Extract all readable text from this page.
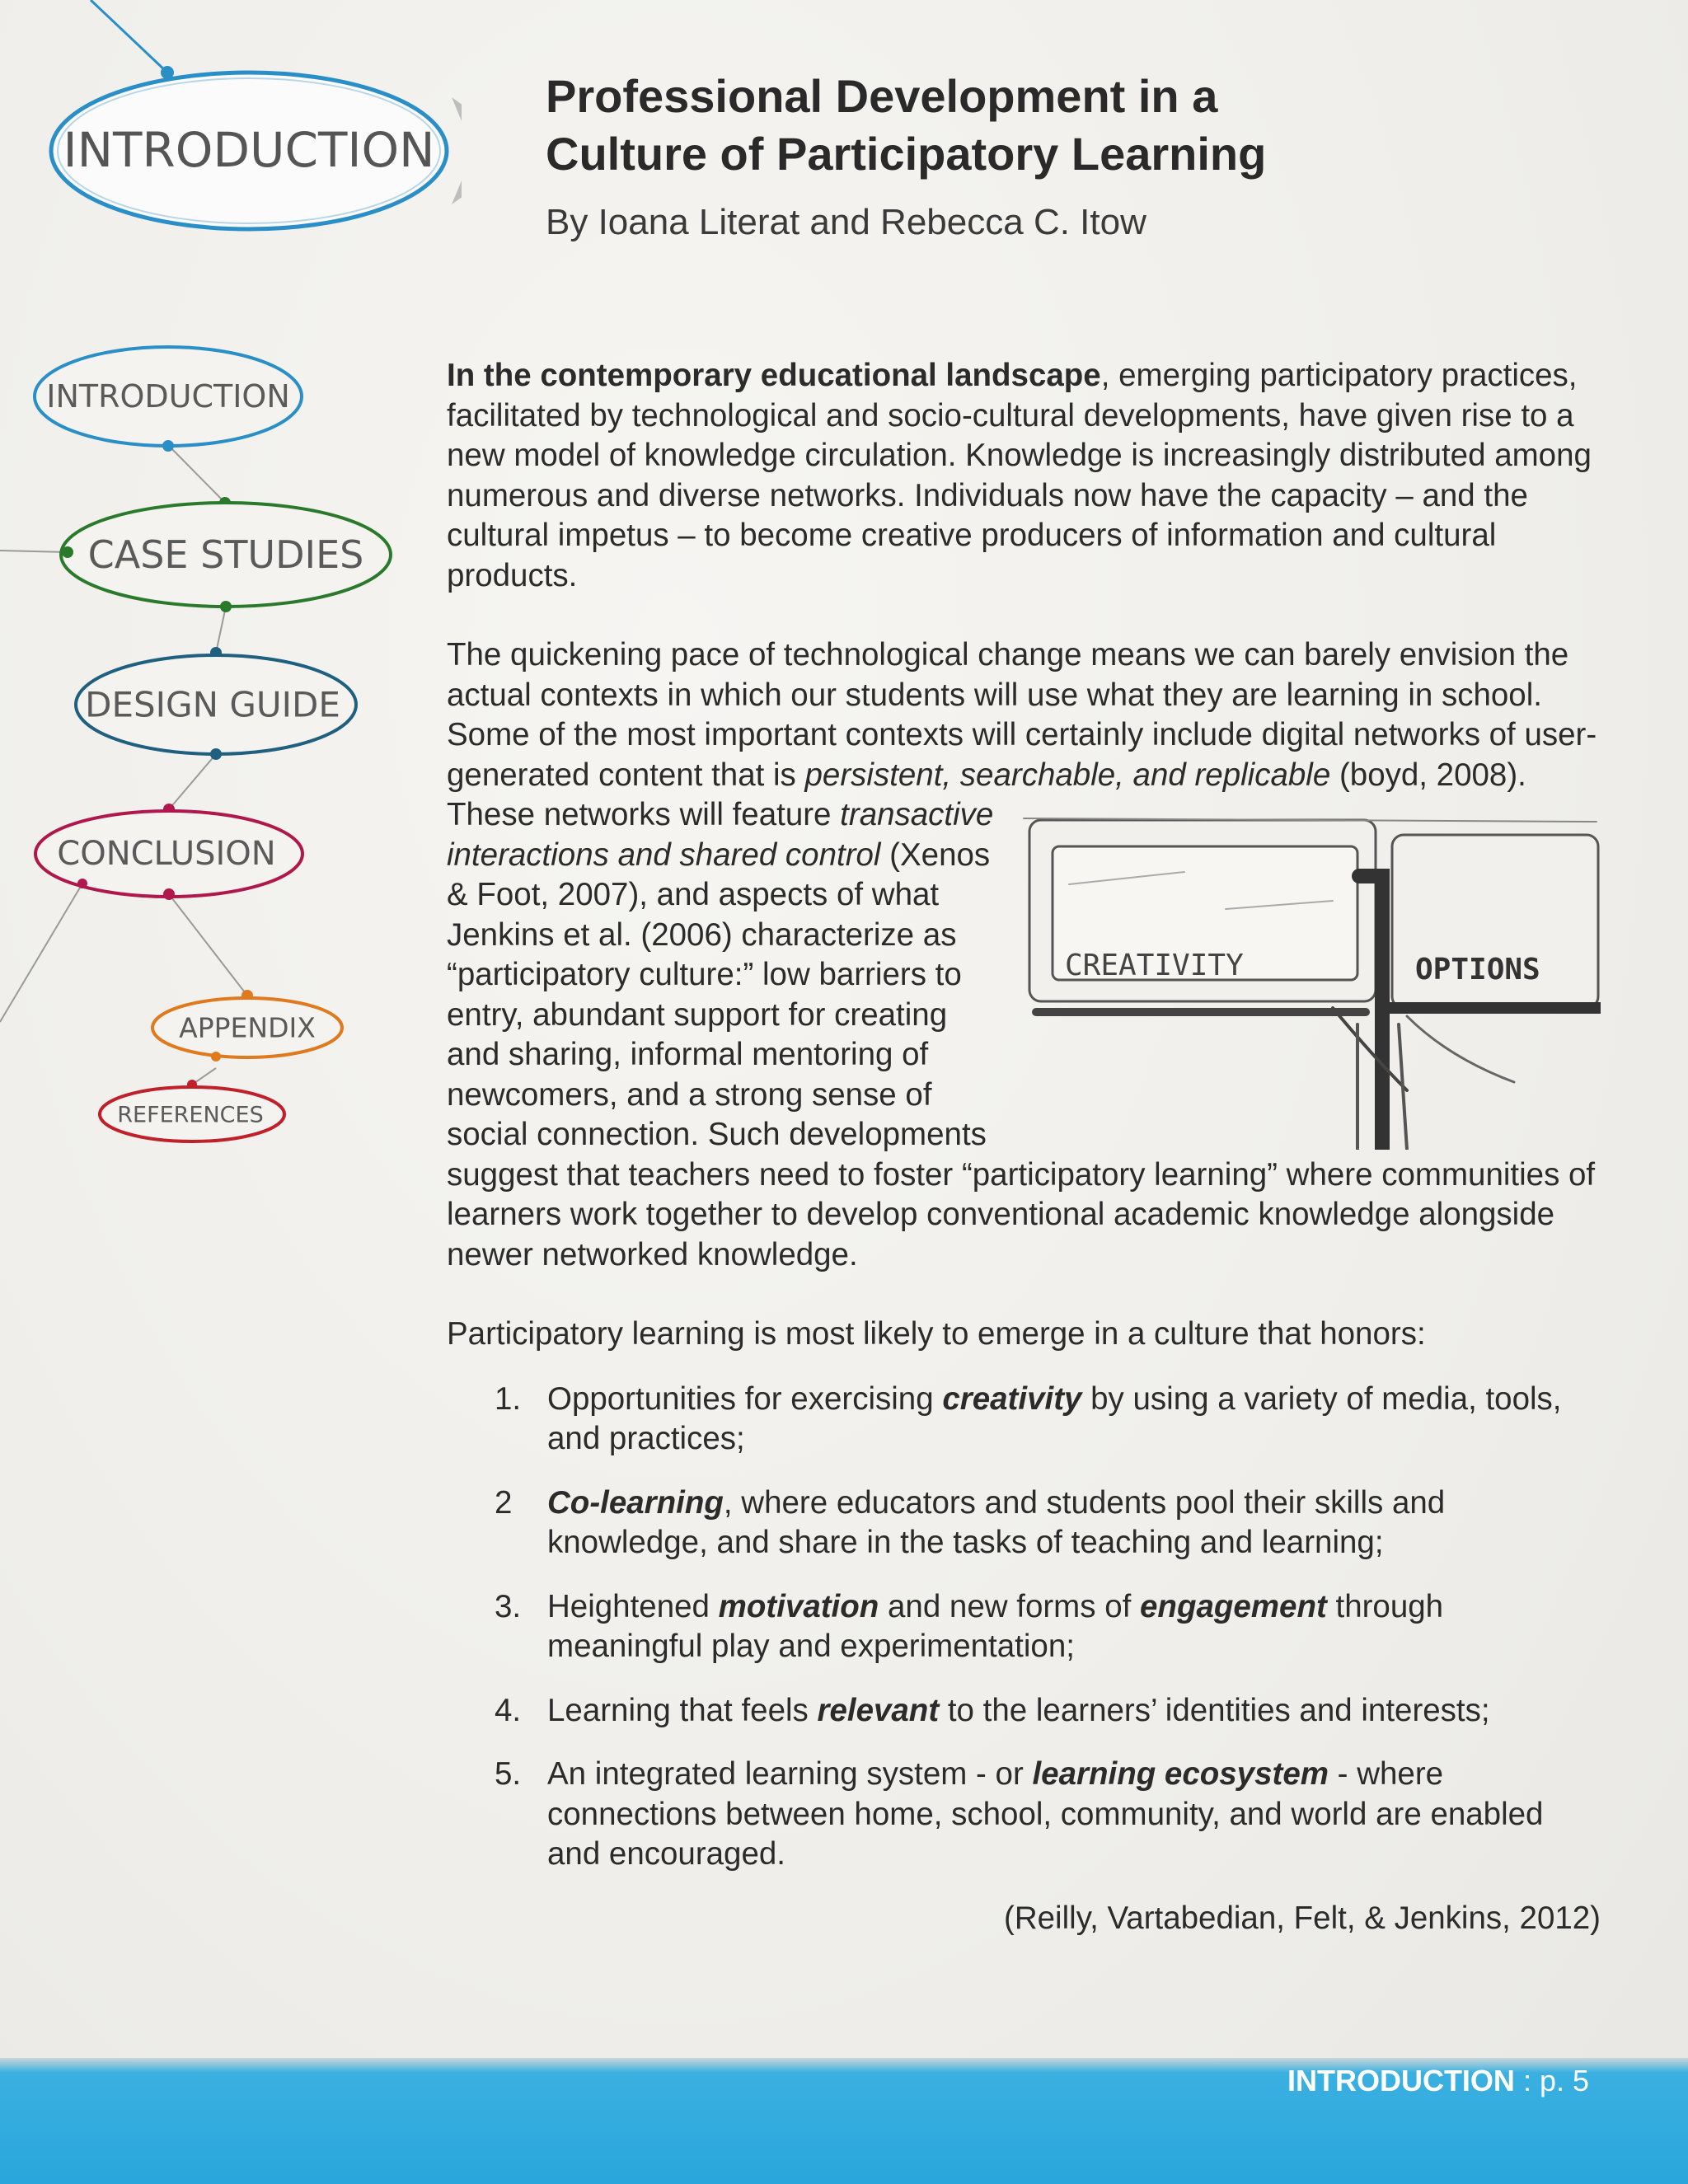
INTRODUCTION
INTRODUCTION
CASE STUDIES
DESIGN GUIDE
CONCLUSION
APPENDIX
REFERENCES
Professional Development in a
Culture of Participatory Learning
By Ioana Literat and Rebecca C. Itow

In the contemporary educational landscape, emerging participatory practices, facilitated by technological and socio-cultural developments, have given rise to a new model of knowledge circulation. Knowledge is increasingly distributed among numerous and diverse networks. Individuals now have the capacity – and the cultural impetus – to become creative producers of information and cultural products.

The quickening pace of technological change means we can barely envision the actual contexts in which our students will use what they are learning in school. Some of the most important contexts will certainly include digital networks of user-generated content that is persistent, searchable, and replicable
CREATIVITY	OPTIONS
(boyd, 2008). These networks will feature transactive interactions and shared control (Xenos & Foot, 2007), and aspects of what Jenkins et al. (2006) characterize as “participatory culture:” low barriers to entry, abundant support for creating and sharing, informal mentoring of newcomers, and a strong sense of social connection. Such developments suggest that teachers need to foster “participatory learning” where communities of learners work together to develop conventional academic knowledge alongside newer networked knowledge.

Participatory learning is most likely to emerge in a culture that honors:

1. Opportunities for exercising creativity by using a variety of media, tools, and practices;
2 Co-learning, where educators and students pool their skills and knowledge, and share in the tasks of teaching and learning;
3. Heightened motivation and new forms of engagement through meaningful play and experimentation;
4. Learning that feels relevant to the learners’ identities and interests;
5. An integrated learning system - or learning ecosystem - where connections between home, school, community, and world are enabled and encouraged.
(Reilly, Vartabedian, Felt, & Jenkins, 2012)
INTRODUCTION : p. 5
